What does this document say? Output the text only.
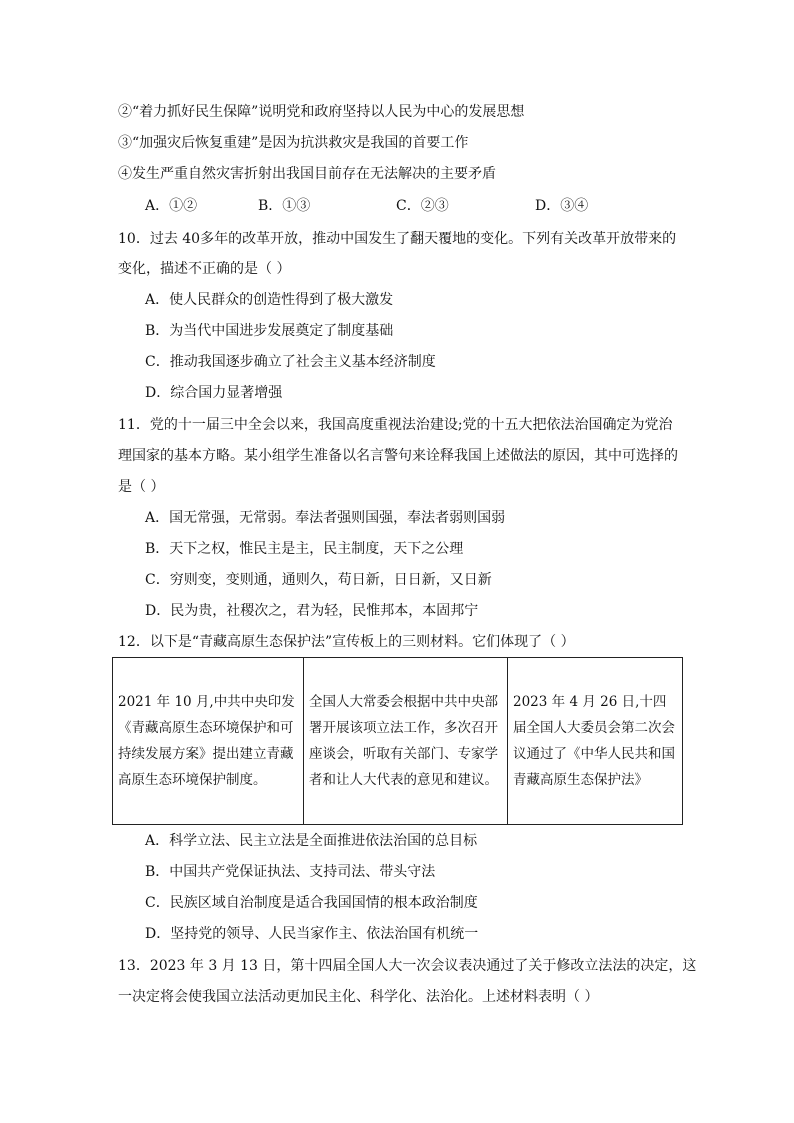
②“着力抓好民生保障”说明党和政府坚持以人民为中心的发展思想
③“加强灾后恢复重建”是因为抗洪救灾是我国的首要工作
④发生严重自然灾害折射出我国目前存在无法解决的主要矛盾
A．①②	B．①③	C．②③	D．③④
10．过去 40多年的改革开放，推动中国发生了翻天覆地的变化。下列有关改革开放带来的
变化，描述不正确的是（ ）
A．使人民群众的创造性得到了极大激发
B．为当代中国进步发展奠定了制度基础
C．推动我国逐步确立了社会主义基本经济制度
D．综合国力显著增强
11．党的十一届三中全会以来，我国高度重视法治建设;党的十五大把依法治国确定为党治
理国家的基本方略。某小组学生准备以名言警句来诠释我国上述做法的原因，其中可选择的
是（ ）
A．国无常强，无常弱。奉法者强则国强，奉法者弱则国弱
B．天下之权，惟民主是主，民主制度，天下之公理
C．穷则变，变则通，通则久，苟日新，日日新，又日新
D．民为贵，社稷次之，君为轻，民惟邦本，本固邦宁
12．以下是“青藏高原生态保护法”宣传板上的三则材料。它们体现了（ ）
2021 年 10 月,中共中央印发《青藏高原生态环境保护和可持续发展方案》提出建立青藏高原生态环境保护制度。	全国人大常委会根据中共中央部署开展该项立法工作，多次召开座谈会，听取有关部门、专家学者和让人大代表的意见和建议。	2023 年 4 月 26 日,十四届全国人大委员会第二次会议通过了《中华人民共和国青藏高原生态保护法》
A．科学立法、民主立法是全面推进依法治国的总目标
B．中国共产党保证执法、支持司法、带头守法
C．民族区域自治制度是适合我国国情的根本政治制度
D．坚持党的领导、人民当家作主、依法治国有机统一
13．2023 年 3 月 13 日，第十四届全国人大一次会议表决通过了关于修改立法法的决定，这
一决定将会使我国立法活动更加民主化、科学化、法治化。上述材料表明（ ）
